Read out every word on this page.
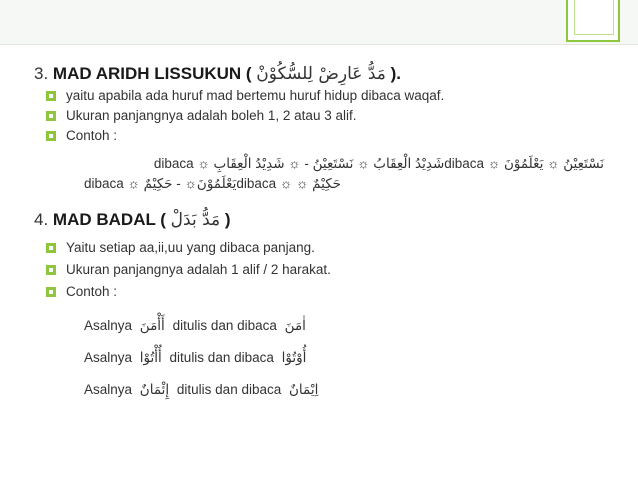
3. MAD ARIDH LISSUKUN ( مَدُّ عَارِضْ لِلسُّكُوْنْ ).
yaitu apabila ada huruf mad bertemu huruf hidup dibaca waqaf.
Ukuran panjangnya adalah boleh 1, 2 atau 3 alif.
Contoh :
نَسْتَعِيْنُ ☼ يَعْلَمُوْنَ ☼ dibacaشَدِيْدُ الْعِقَابُ ☼ نَسْتَعِيْنُ - ☼ شَدِيْدُ الْعِقَابِ ☼ dibaca
حَكِيْمٌ ☼ ☼ dibacaيَعْلَمُوْنَ☼ - حَكِيْمٌ ☼ dibaca
4. MAD BADAL ( مَدُّ بَدَلْ )
Yaitu setiap aa,ii,uu yang dibaca panjang.
Ukuran panjangnya adalah 1 alif / 2 harakat.
Contoh :
Asalnya أَأْمَنَ ditulis dan dibaca اٰمَنَ
Asalnya أُأْتُوْا ditulis dan dibaca أُوْتُوْا
Asalnya إِئْمَانٌ ditulis dan dibaca اِيْمَانٌ
